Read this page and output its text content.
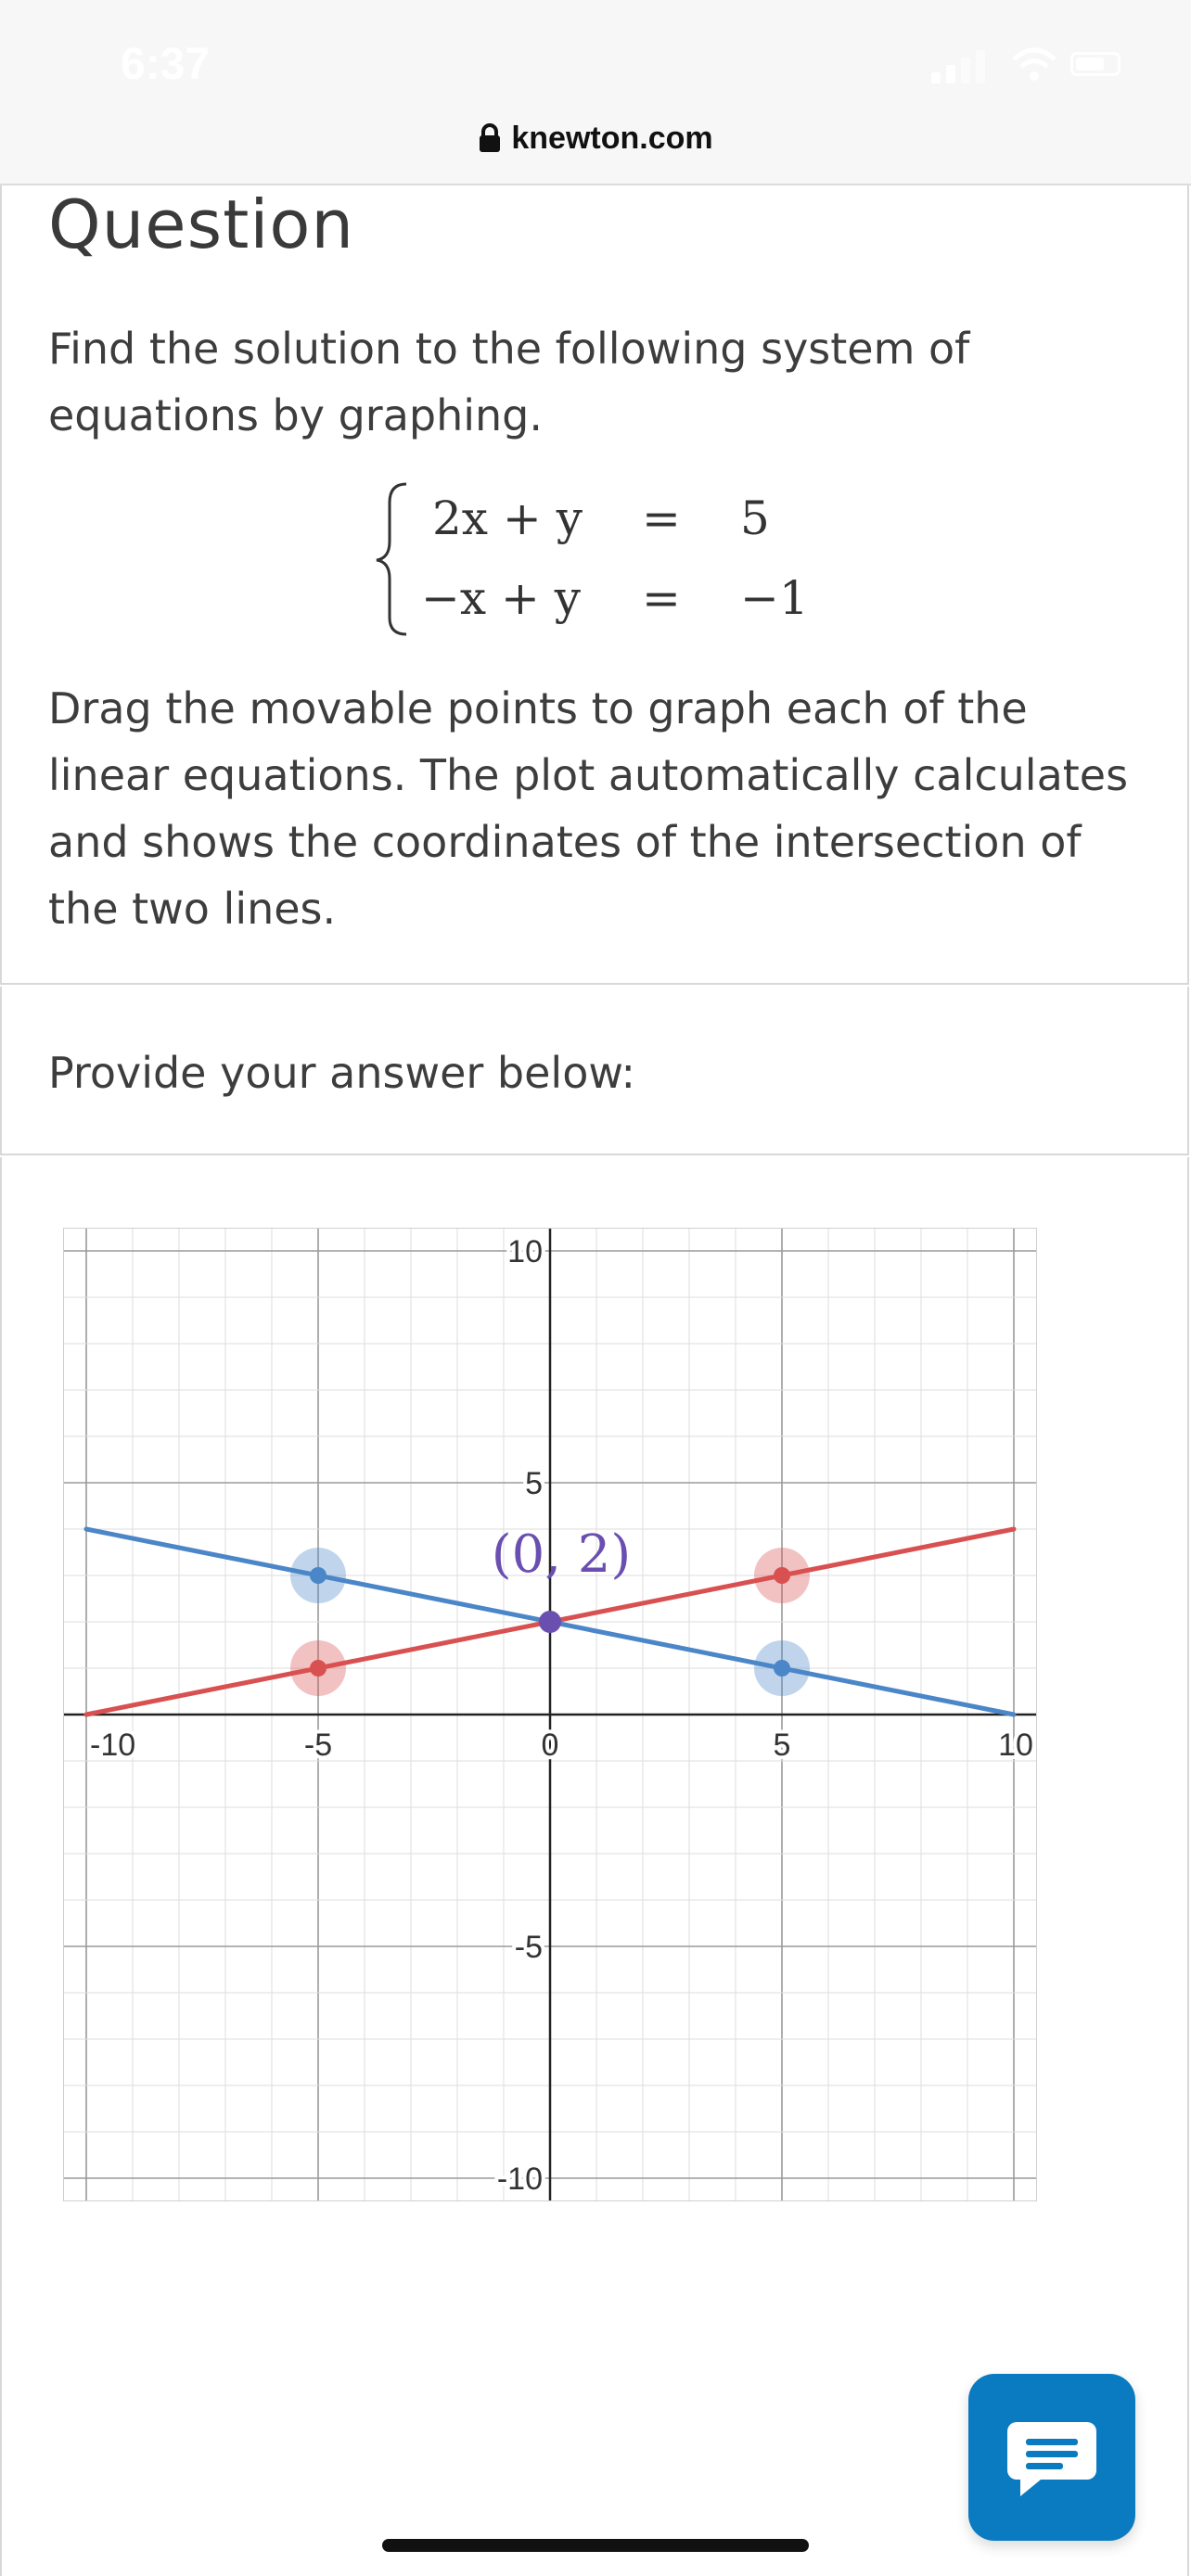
6:37
knewton.com
Question
Find the solution to the following system of equations by graphing.
2x + y = 5
−x + y = −1
Drag the movable points to graph each of the linear equations. The plot automatically calculates and shows the coordinates of the intersection of the two lines.
Provide your answer below:
-10	-5	0	5	10
10
5
-5
-10
(0, 2)
